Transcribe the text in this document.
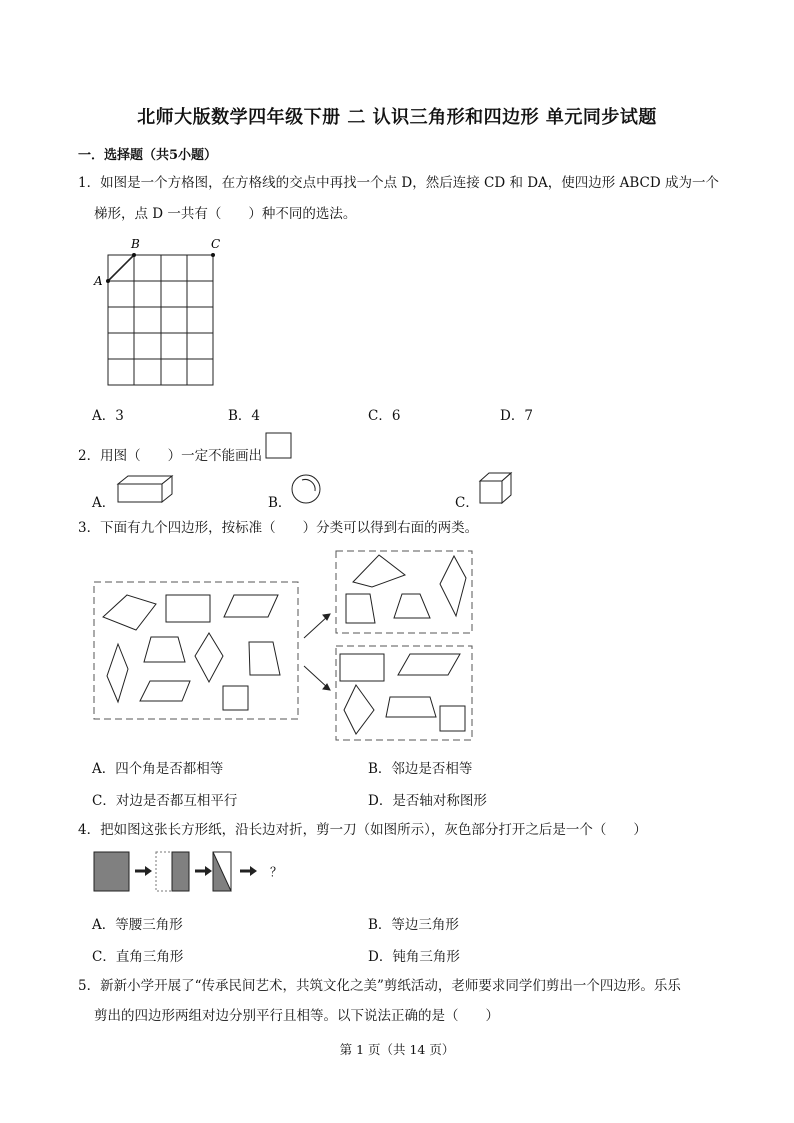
北师大版数学四年级下册 二 认识三角形和四边形 单元同步试题
一．选择题（共5小题）
1．如图是一个方格图，在方格线的交点中再找一个点 D，然后连接 CD 和 DA，使四边形 ABCD 成为一个
梯形，点 D 一共有（　　）种不同的选法。
A
B	C
A．3	B．4	C．6	D．7
2．用图（　　）一定不能画出
A．	B．	C．
3．下面有九个四边形，按标准（　　）分类可以得到右面的两类。
A．四个角是否都相等	B．邻边是否相等
C．对边是否都互相平行	D．是否轴对称图形
4．把如图这张长方形纸，沿长边对折，剪一刀（如图所示），灰色部分打开之后是一个（　　）
？
A．等腰三角形	B．等边三角形
C．直角三角形	D．钝角三角形
5．新新小学开展了“传承民间艺术，共筑文化之美”剪纸活动，老师要求同学们剪出一个四边形。乐乐
剪出的四边形两组对边分别平行且相等。以下说法正确的是（　　）
第 1 页（共 14 页）
